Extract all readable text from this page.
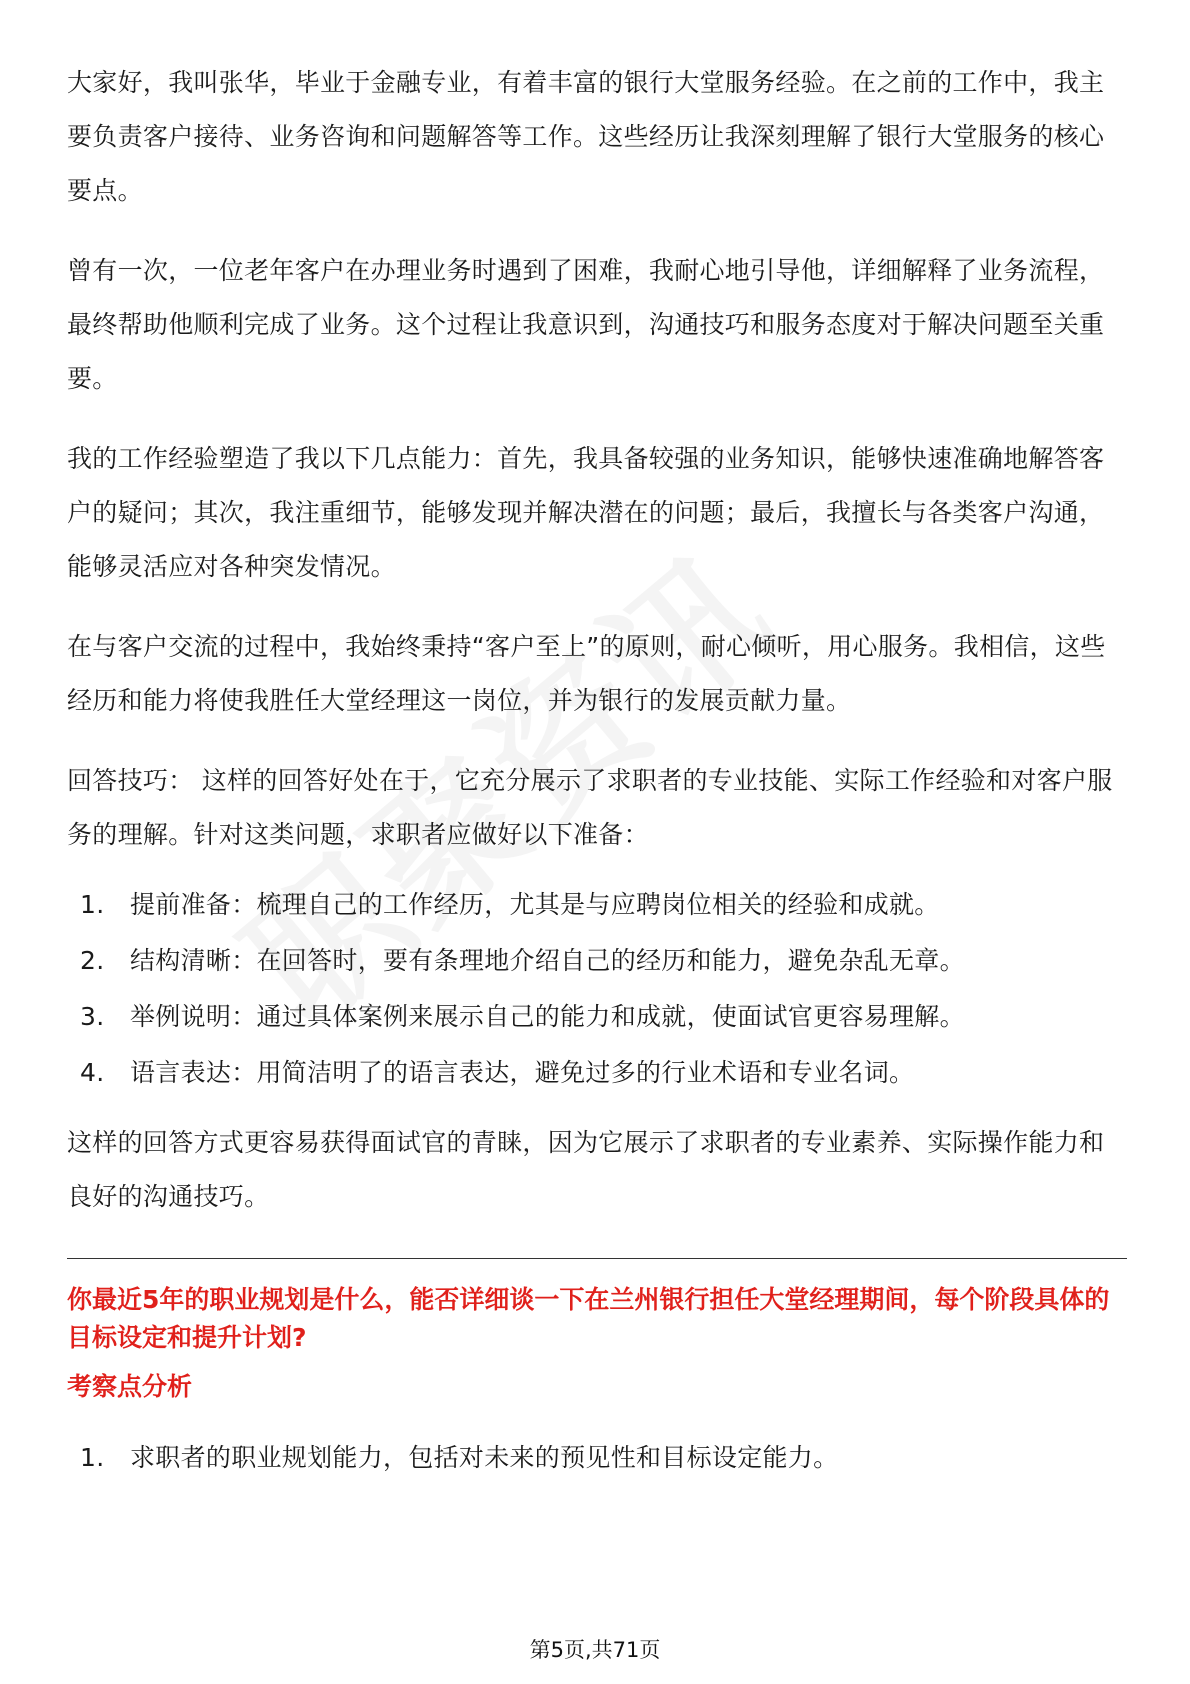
大家好，我叫张华，毕业于金融专业，有着丰富的银行大堂服务经验。在之前的工作中，我主要负责客户接待、业务咨询和问题解答等工作。这些经历让我深刻理解了银行大堂服务的核心要点。

曾有一次，一位老年客户在办理业务时遇到了困难，我耐心地引导他，详细解释了业务流程，最终帮助他顺利完成了业务。这个过程让我意识到，沟通技巧和服务态度对于解决问题至关重要。

我的工作经验塑造了我以下几点能力：首先，我具备较强的业务知识，能够快速准确地解答客户的疑问；其次，我注重细节，能够发现并解决潜在的问题；最后，我擅长与各类客户沟通，能够灵活应对各种突发情况。

在与客户交流的过程中，我始终秉持“客户至上”的原则，耐心倾听，用心服务。我相信，这些经历和能力将使我胜任大堂经理这一岗位，并为银行的发展贡献力量。

回答技巧： 这样的回答好处在于，它充分展示了求职者的专业技能、实际工作经验和对客户服务的理解。针对这类问题，求职者应做好以下准备：

1.	提前准备：梳理自己的工作经历，尤其是与应聘岗位相关的经验和成就。
2.	结构清晰：在回答时，要有条理地介绍自己的经历和能力，避免杂乱无章。
3.	举例说明：通过具体案例来展示自己的能力和成就，使面试官更容易理解。
4.	语言表达：用简洁明了的语言表达，避免过多的行业术语和专业名词。

这样的回答方式更容易获得面试官的青睐，因为它展示了求职者的专业素养、实际操作能力和良好的沟通技巧。

你最近5年的职业规划是什么，能否详细谈一下在兰州银行担任大堂经理期间，每个阶段具体的目标设定和提升计划?

考察点分析

1.	求职者的职业规划能力，包括对未来的预见性和目标设定能力。
第5页,共71页
